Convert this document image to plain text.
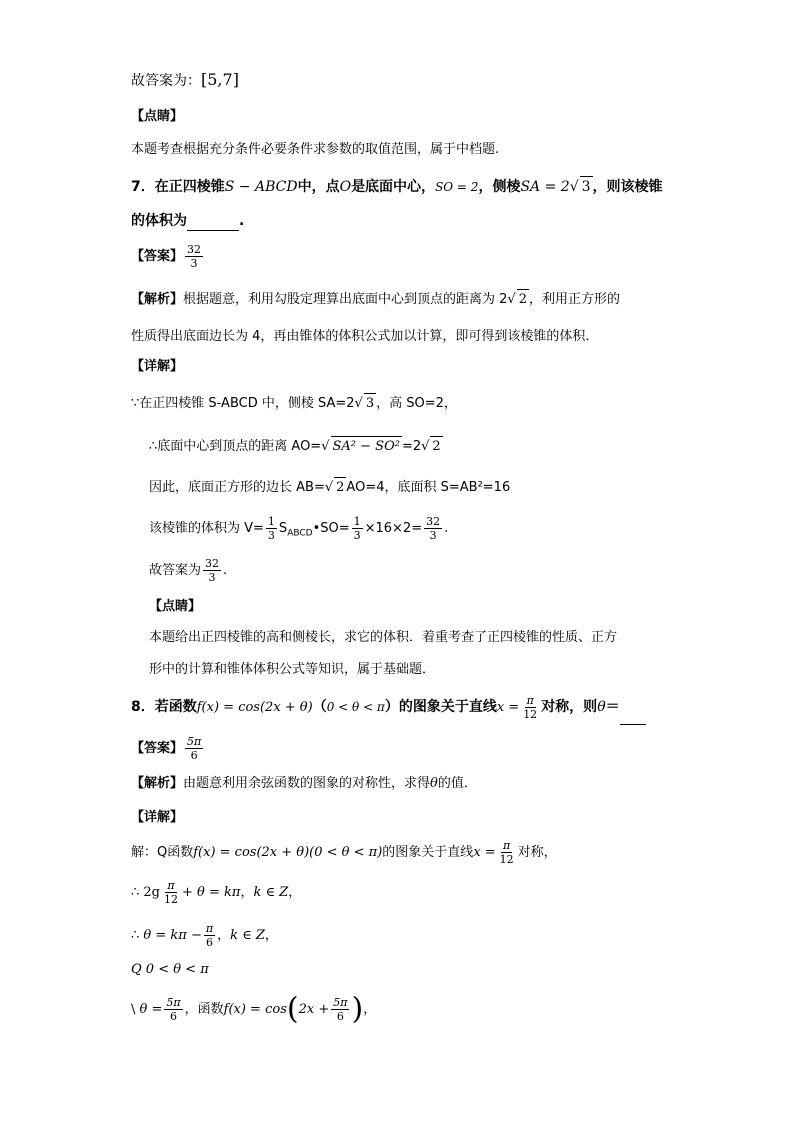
故答案为：[5,7]
【点睛】
本题考查根据充分条件必要条件求参数的取值范围，属于中档题.
7．在正四棱锥S − ABCD中，点O是底面中心，SO = 2，侧棱SA = 2√ 3 ，则该棱锥
的体积为	.
【答案】 $\frac{32}{3}$
【解析】根据题意，利用勾股定理算出底面中心到顶点的距离为 2√ 2 ，利用正方形的
性质得出底面边长为 4，再由锥体的体积公式加以计算，即可得到该棱锥的体积．
【详解】
∵在正四棱锥 S-ABCD 中，侧棱 SA=2√ 3 ，高 SO=2，
∴底面中心到顶点的距离 AO=√ SA² − SO² =2√ 2
因此，底面正方形的边长 AB=√ 2 AO=4，底面积 S=AB²=16
该棱锥的体积为 $V= \frac{1}{3}$ $S_{ABCD}•SO= \frac{1}{3} \times 16\times 2= \frac{32}{3}$ .
故答案为 $\frac{32}{3}$ .
【点睛】
本题给出正四棱锥的高和侧棱长，求它的体积．着重考查了正四棱锥的性质、正方
形中的计算和锥体体积公式等知识，属于基础题．
8．若函数f(x) = cos(2x + θ)（0 < θ < π）的图象关于直线$x = \frac{\pi}{12}$ 对称，则θ＝
【答案】 $\frac{5\pi}{6}$
【解析】由题意利用余弦函数的图象的对称性，求得θ的值．
【详解】
解：Q函数f(x) = cos(2x + θ)(0 < θ < π)的图象关于直线$x = \frac{\pi}{12}$ 对称，
∴ $2g \frac{\pi}{12} + \theta = k\pi$，k ∈ Z，
∴ $\theta = k\pi - \frac{\pi}{6}$ ，k ∈ Z，
Q 0 < θ < π
\ $\theta = \frac{5\pi}{6}$ ，函数$f(x) = \cos(2x + \frac{5\pi}{6}$ )，
